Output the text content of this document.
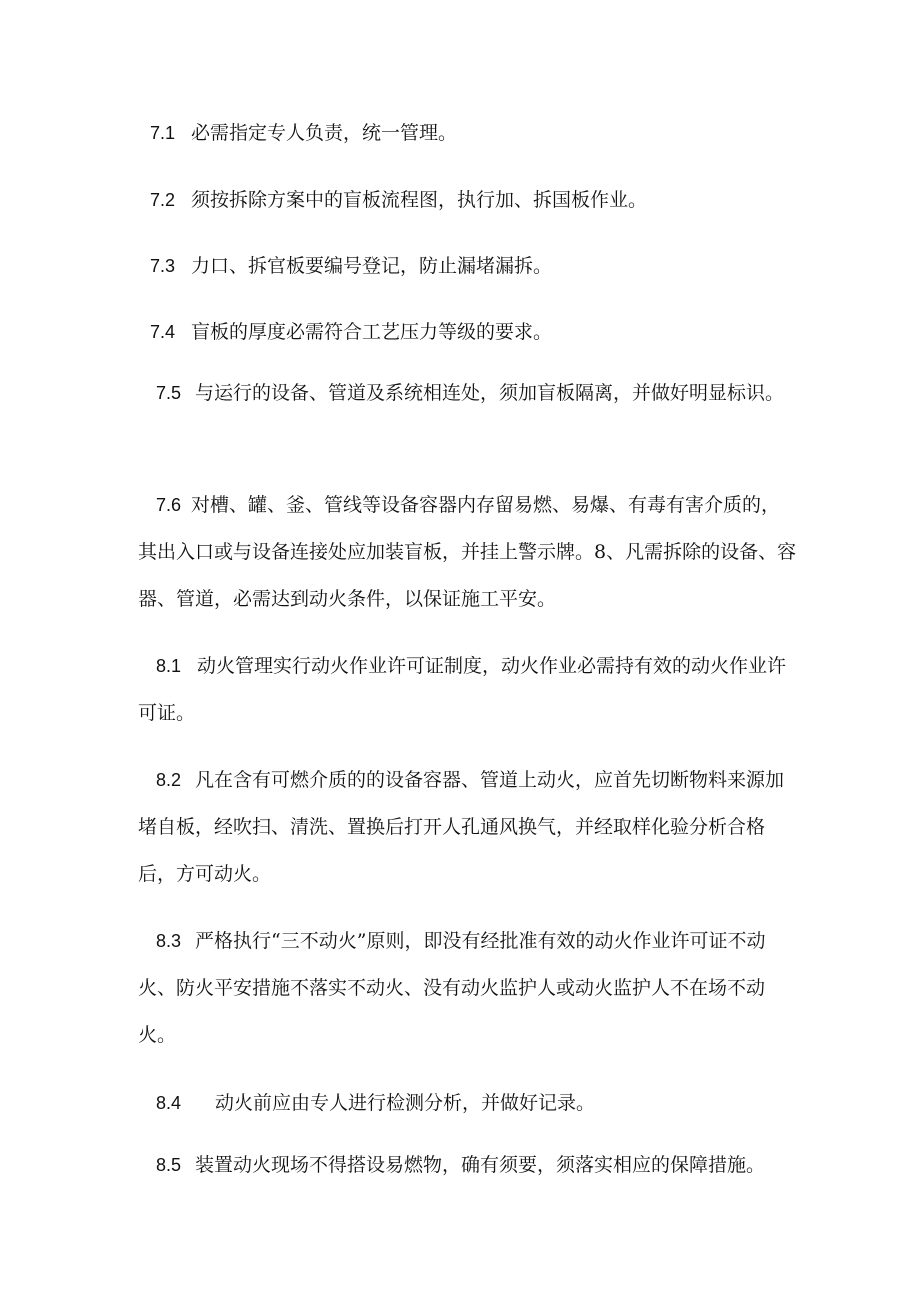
7.1 必需指定专人负责，统一管理。
7.2 须按拆除方案中的盲板流程图，执行加、拆国板作业。
7.3 力口、拆官板要编号登记，防止漏堵漏拆。
7.4 盲板的厚度必需符合工艺压力等级的要求。
7.5 与运行的设备、管道及系统相连处，须加盲板隔离，并做好明显标识。
7.6 对槽、罐、釜、管线等设备容器内存留易燃、易爆、有毒有害介质的，其出入口或与设备连接处应加装盲板，并挂上警示牌。8、凡需拆除的设备、容器、管道，必需达到动火条件，以保证施工平安。
8.1 动火管理实行动火作业许可证制度，动火作业必需持有效的动火作业许可证。
8.2 凡在含有可燃介质的的设备容器、管道上动火，应首先切断物料来源加堵自板，经吹扫、清洗、置换后打开人孔通风换气，并经取样化验分析合格后，方可动火。
8.3 严格执行“三不动火”原则，即没有经批准有效的动火作业许可证不动火、防火平安措施不落实不动火、没有动火监护人或动火监护人不在场不动火。
8.4 动火前应由专人进行检测分析，并做好记录。
8.5 装置动火现场不得搭设易燃物，确有须要，须落实相应的保障措施。
